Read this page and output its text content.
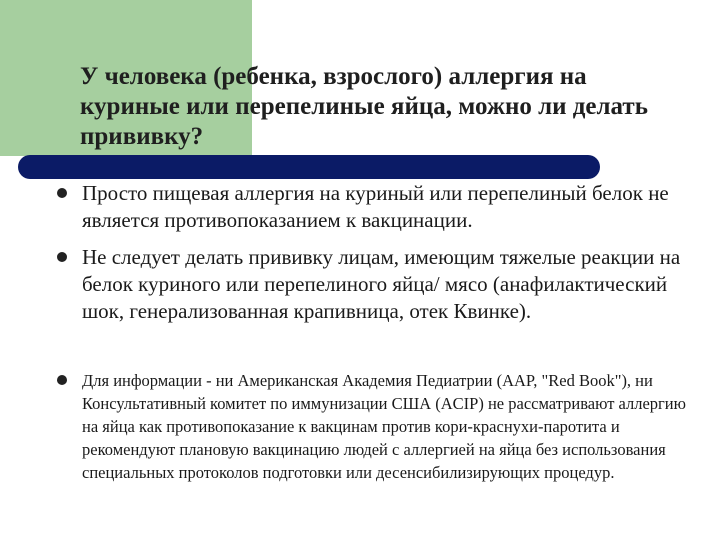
У человека (ребенка, взрослого) аллергия на куриные или перепелиные яйца, можно ли делать прививку?

Просто пищевая аллергия на куриный или перепелиный белок не является противопоказанием к вакцинации.

Не следует делать прививку лицам, имеющим тяжелые реакции на белок куриного или перепелиного яйца/ мясо (анафилактический шок, генерализованная крапивница, отек Квинке).

Для информации - ни Американская Академия Педиатрии (AAP, "Red Book"), ни Консультативный комитет по иммунизации США (ACIP) не рассматривают аллергию на яйца как противопоказание к вакцинам против кори-краснухи-паротита и рекомендуют плановую вакцинацию людей с аллергией на яйца без использования специальных протоколов подготовки или десенсибилизирующих процедур.
